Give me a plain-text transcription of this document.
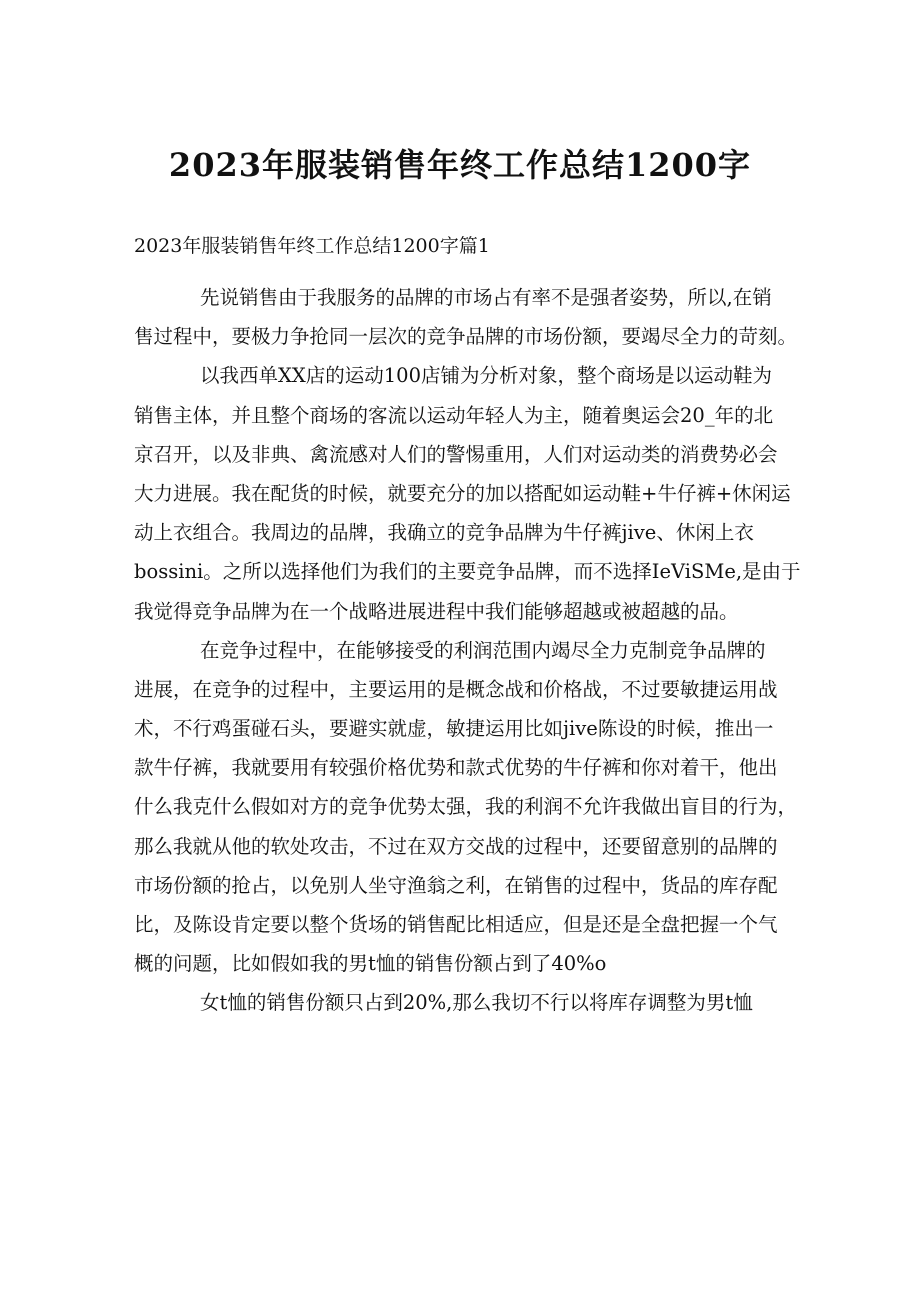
2023年服装销售年终工作总结1200字
2023年服装销售年终工作总结1200字篇1
先说销售由于我服务的品牌的市场占有率不是强者姿势，所以,在销
售过程中，要极力争抢同一层次的竞争品牌的市场份额，要竭尽全力的苛刻。
以我西单XX店的运动100店铺为分析对象，整个商场是以运动鞋为
销售主体，并且整个商场的客流以运动年轻人为主，随着奥运会20_年的北
京召开，以及非典、禽流感对人们的警惕重用，人们对运动类的消费势必会
大力进展。我在配货的时候，就要充分的加以搭配如运动鞋+牛仔裤+休闲运
动上衣组合。我周边的品牌，我确立的竞争品牌为牛仔裤jive、休闲上衣
bossini。之所以选择他们为我们的主要竞争品牌，而不选择IeViSMe,是由于
我觉得竞争品牌为在一个战略进展进程中我们能够超越或被超越的品。
在竞争过程中，在能够接受的利润范围内竭尽全力克制竞争品牌的
进展，在竞争的过程中，主要运用的是概念战和价格战，不过要敏捷运用战
术，不行鸡蛋碰石头，要避实就虚，敏捷运用比如jive陈设的时候，推出一
款牛仔裤，我就要用有较强价格优势和款式优势的牛仔裤和你对着干，他出
什么我克什么假如对方的竞争优势太强，我的利润不允许我做出盲目的行为，
那么我就从他的软处攻击，不过在双方交战的过程中，还要留意别的品牌的
市场份额的抢占，以免别人坐守渔翁之利，在销售的过程中，货品的库存配
比，及陈设肯定要以整个货场的销售配比相适应，但是还是全盘把握一个气
概的问题，比如假如我的男t恤的销售份额占到了40%o
女t恤的销售份额只占到20%,那么我切不行以将库存调整为男t恤
